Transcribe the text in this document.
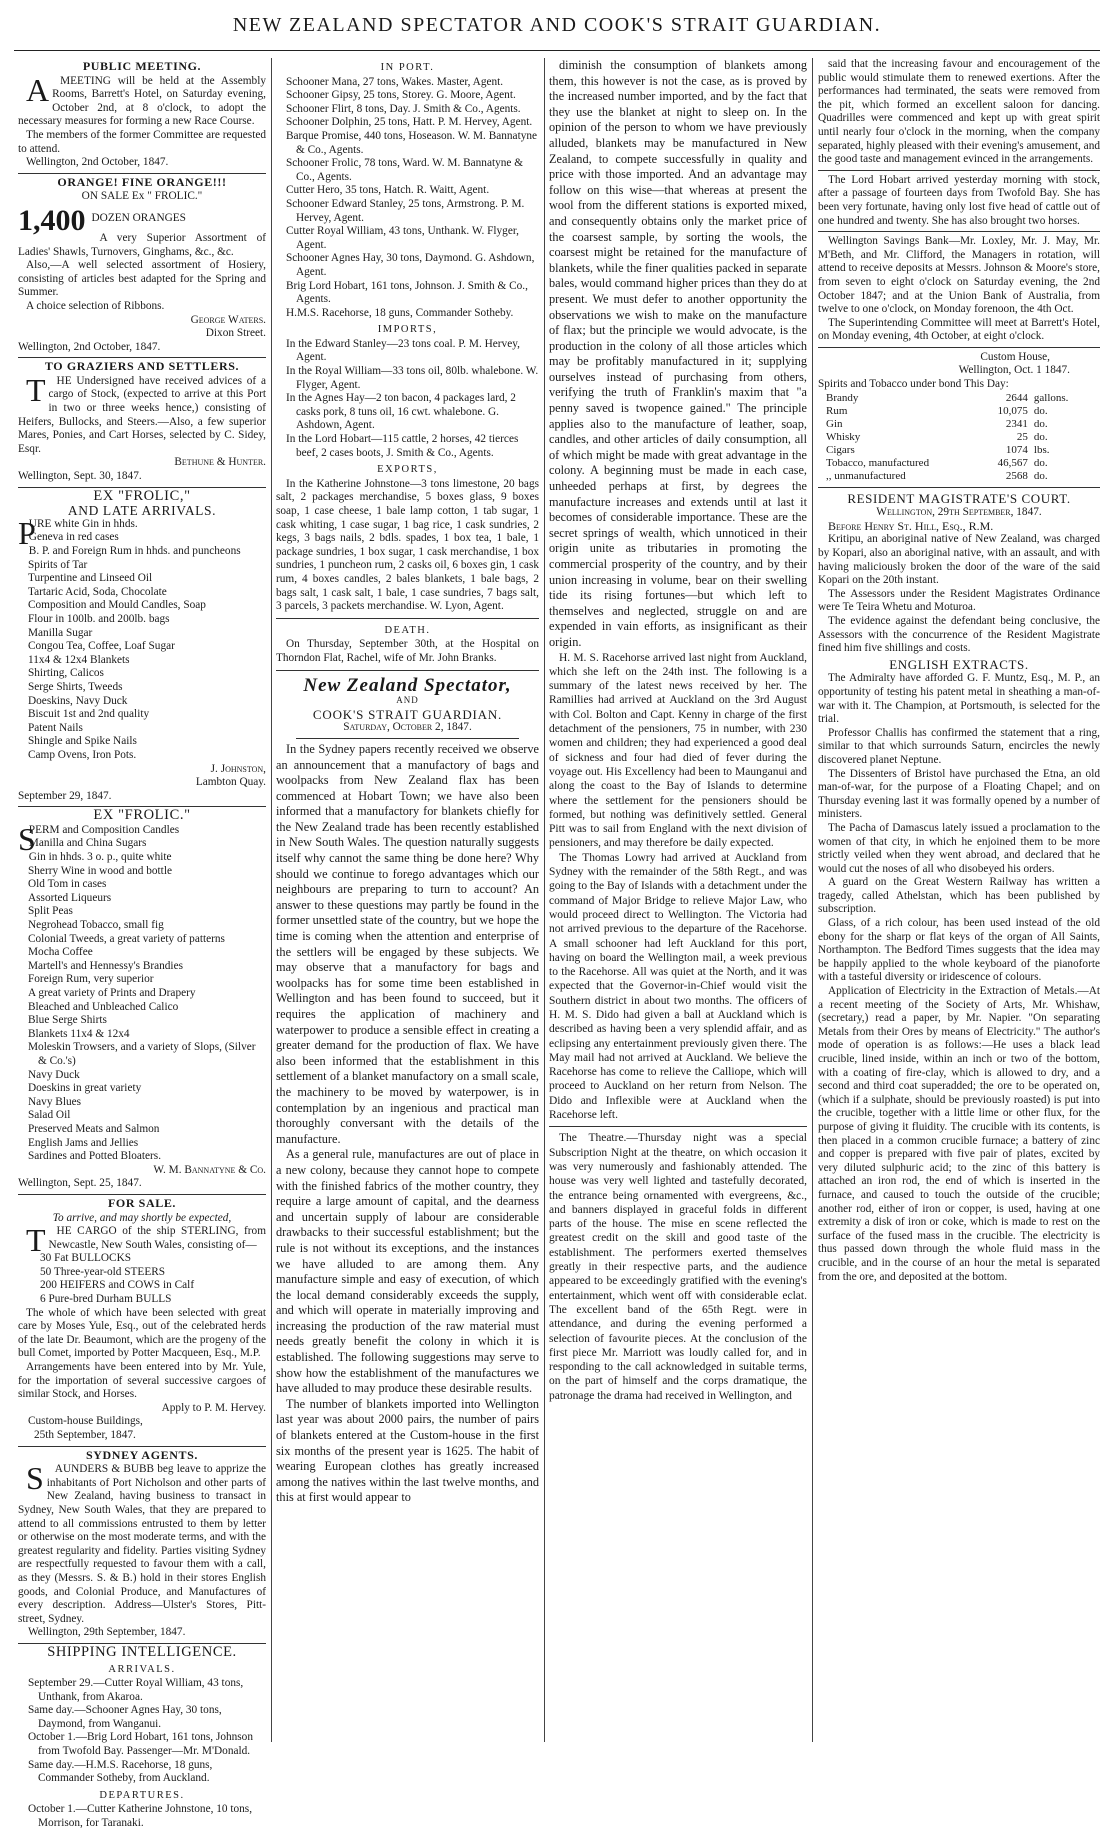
NEW ZEALAND SPECTATOR AND COOK'S STRAIT GUARDIAN.
PUBLIC MEETING.

AMEETING will be held at the Assembly Rooms, Barrett's Hotel, on Saturday evening, October 2nd, at 8 o'clock, to adopt the necessary measures for forming a new Race Course.

The members of the former Committee are requested to attend.

Wellington, 2nd October, 1847.

ORANGE! FINE ORANGE!!!
ON SALE Ex " FROLIC."
1,400 DOZEN ORANGES

A very Superior Assortment of Ladies' Shawls, Turnovers, Ginghams, &c., &c.

Also,—A well selected assortment of Hosiery, consisting of articles best adapted for the Spring and Summer.

A choice selection of Ribbons.

George Waters.
Dixon Street.
Wellington, 2nd October, 1847.
TO GRAZIERS AND SETTLERS.

THE Undersigned have received advices of a cargo of Stock, (expected to arrive at this Port in two or three weeks hence,) consisting of Heifers, Bullocks, and Steers.—Also, a few superior Mares, Ponies, and Cart Horses, selected by C. Sidey, Esqr.

Bethune & Hunter.
Wellington, Sept. 30, 1847.
EX "FROLIC,"
AND LATE ARRIVALS.
P
URE white Gin in hhds.
Geneva in red cases
B. P. and Foreign Rum in hhds. and puncheons
Spirits of Tar
Turpentine and Linseed Oil
Tartaric Acid, Soda, Chocolate
Composition and Mould Candles, Soap
Flour in 100lb. and 200lb. bags
Manilla Sugar
Congou Tea, Coffee, Loaf Sugar
11x4 & 12x4 Blankets
Shirting, Calicos
Serge Shirts, Tweeds
Doeskins, Navy Duck
Biscuit 1st and 2nd quality
Patent Nails
Shingle and Spike Nails
Camp Ovens, Iron Pots.
J. Johnston,
Lambton Quay.
September 29, 1847.
EX "FROLIC."
S
PERM and Composition Candles
Manilla and China Sugars
Gin in hhds. 3 o. p., quite white
Sherry Wine in wood and bottle
Old Tom in cases
Assorted Liqueurs
Split Peas
Negrohead Tobacco, small fig
Colonial Tweeds, a great variety of patterns
Mocha Coffee
Martell's and Hennessy's Brandies
Foreign Rum, very superior
A great variety of Prints and Drapery
Bleached and Unbleached Calico
Blue Serge Shirts
Blankets 11x4 & 12x4
Moleskin Trowsers, and a variety of Slops, (Silver & Co.'s)
Navy Duck
Doeskins in great variety
Navy Blues
Salad Oil
Preserved Meats and Salmon
English Jams and Jellies
Sardines and Potted Bloaters.
W. M. Bannatyne & Co.
Wellington, Sept. 25, 1847.
FOR SALE.
To arrive, and may shortly be expected,

THE CARGO of the ship STERLING, from Newcastle, New South Wales, consisting of—

30 Fat BULLOCKS
50 Three-year-old STEERS
200 HEIFERS and COWS in Calf
6 Pure-bred Durham BULLS

The whole of which have been selected with great care by Moses Yule, Esq., out of the celebrated herds of the late Dr. Beaumont, which are the progeny of the bull Comet, imported by Potter Macqueen, Esq., M.P.

Arrangements have been entered into by Mr. Yule, for the importation of several successive cargoes of similar Stock, and Horses.

Apply to P. M. Hervey.
Custom-house Buildings,
25th September, 1847.
SYDNEY AGENTS.

SAUNDERS & BUBB beg leave to apprize the inhabitants of Port Nicholson and other parts of New Zealand, having business to transact in Sydney, New South Wales, that they are prepared to attend to all commissions entrusted to them by letter or otherwise on the most moderate terms, and with the greatest regularity and fidelity. Parties visiting Sydney are respectfully requested to favour them with a call, as they (Messrs. S. & B.) hold in their stores English goods, and Colonial Produce, and Manufactures of every description. Address—Ulster's Stores, Pitt-street, Sydney.

Wellington, 29th September, 1847.
SHIPPING INTELLIGENCE.
ARRIVALS.
September 29.—Cutter Royal William, 43 tons, Unthank, from Akaroa.
Same day.—Schooner Agnes Hay, 30 tons, Daymond, from Wanganui.
October 1.—Brig Lord Hobart, 161 tons, Johnson from Twofold Bay. Passenger—Mr. M'Donald.
Same day.—H.M.S. Racehorse, 18 guns, Commander Sotheby, from Auckland.
DEPARTURES.
October 1.—Cutter Katherine Johnstone, 10 tons, Morrison, for Taranaki.
IN PORT.
Schooner Mana, 27 tons, Wakes. Master, Agent.
Schooner Gipsy, 25 tons, Storey. G. Moore, Agent.
Schooner Flirt, 8 tons, Day. J. Smith & Co., Agents.
Schooner Dolphin, 25 tons, Hatt. P. M. Hervey, Agent.
Barque Promise, 440 tons, Hoseason. W. M. Bannatyne & Co., Agents.
Schooner Frolic, 78 tons, Ward. W. M. Bannatyne & Co., Agents.
Cutter Hero, 35 tons, Hatch. R. Waitt, Agent.
Schooner Edward Stanley, 25 tons, Armstrong. P. M. Hervey, Agent.
Cutter Royal William, 43 tons, Unthank. W. Flyger, Agent.
Schooner Agnes Hay, 30 tons, Daymond. G. Ashdown, Agent.
Brig Lord Hobart, 161 tons, Johnson. J. Smith & Co., Agents.
H.M.S. Racehorse, 18 guns, Commander Sotheby.
IMPORTS,
In the Edward Stanley—23 tons coal. P. M. Hervey, Agent.
In the Royal William—33 tons oil, 80lb. whalebone. W. Flyger, Agent.
In the Agnes Hay—2 ton bacon, 4 packages lard, 2 casks pork, 8 tuns oil, 16 cwt. whalebone. G. Ashdown, Agent.
In the Lord Hobart—115 cattle, 2 horses, 42 tierces beef, 2 cases boots, J. Smith & Co., Agents.
EXPORTS,

In the Katherine Johnstone—3 tons limestone, 20 bags salt, 2 packages merchandise, 5 boxes glass, 9 boxes soap, 1 case cheese, 1 bale lamp cotton, 1 tab sugar, 1 cask whiting, 1 case sugar, 1 bag rice, 1 cask sundries, 2 kegs, 3 bags nails, 2 bdls. spades, 1 box tea, 1 bale, 1 package sundries, 1 box sugar, 1 cask merchandise, 1 box sundries, 1 puncheon rum, 2 casks oil, 6 boxes gin, 1 cask rum, 4 boxes candles, 2 bales blankets, 1 bale bags, 2 bags salt, 1 cask salt, 1 bale, 1 case sundries, 7 bags salt, 3 parcels, 3 packets merchandise. W. Lyon, Agent.

DEATH.

On Thursday, September 30th, at the Hospital on Thorndon Flat, Rachel, wife of Mr. John Branks.

New Zealand Spectator,
AND
COOK'S STRAIT GUARDIAN.
Saturday, October 2, 1847.

In the Sydney papers recently received we observe an announcement that a manufactory of bags and woolpacks from New Zealand flax has been commenced at Hobart Town; we have also been informed that a manufactory for blankets chiefly for the New Zealand trade has been recently established in New South Wales. The question naturally suggests itself why cannot the same thing be done here? Why should we continue to forego advantages which our neighbours are preparing to turn to account? An answer to these questions may partly be found in the former unsettled state of the country, but we hope the time is coming when the attention and enterprise of the settlers will be engaged by these subjects. We may observe that a manufactory for bags and woolpacks has for some time been established in Wellington and has been found to succeed, but it requires the application of machinery and waterpower to produce a sensible effect in creating a greater demand for the production of flax. We have also been informed that the establishment in this settlement of a blanket manufactory on a small scale, the machinery to be moved by waterpower, is in contemplation by an ingenious and practical man thoroughly conversant with the details of the manufacture.

As a general rule, manufactures are out of place in a new colony, because they cannot hope to compete with the finished fabrics of the mother country, they require a large amount of capital, and the dearness and uncertain supply of labour are considerable drawbacks to their successful establishment; but the rule is not without its exceptions, and the instances we have alluded to are among them. Any manufacture simple and easy of execution, of which the local demand considerably exceeds the supply, and which will operate in materially improving and increasing the production of the raw material must needs greatly benefit the colony in which it is established. The following suggestions may serve to show how the establishment of the manufactures we have alluded to may produce these desirable results.

The number of blankets imported into Wellington last year was about 2000 pairs, the number of pairs of blankets entered at the Custom-house in the first six months of the present year is 1625. The habit of wearing European clothes has greatly increased among the natives within the last twelve months, and this at first would appear to

diminish the consumption of blankets among them, this however is not the case, as is proved by the increased number imported, and by the fact that they use the blanket at night to sleep on. In the opinion of the person to whom we have previously alluded, blankets may be manufactured in New Zealand, to compete successfully in quality and price with those imported. And an advantage may follow on this wise—that whereas at present the wool from the different stations is exported mixed, and consequently obtains only the market price of the coarsest sample, by sorting the wools, the coarsest might be retained for the manufacture of blankets, while the finer qualities packed in separate bales, would command higher prices than they do at present. We must defer to another opportunity the observations we wish to make on the manufacture of flax; but the principle we would advocate, is the production in the colony of all those articles which may be profitably manufactured in it; supplying ourselves instead of purchasing from others, verifying the truth of Franklin's maxim that "a penny saved is twopence gained." The principle applies also to the manufacture of leather, soap, candles, and other articles of daily consumption, all of which might be made with great advantage in the colony. A beginning must be made in each case, unheeded perhaps at first, by degrees the manufacture increases and extends until at last it becomes of considerable importance. These are the secret springs of wealth, which unnoticed in their origin unite as tributaries in promoting the commercial prosperity of the country, and by their union increasing in volume, bear on their swelling tide its rising fortunes—but which left to themselves and neglected, struggle on and are expended in vain efforts, as insignificant as their origin.

H. M. S. Racehorse arrived last night from Auckland, which she left on the 24th inst. The following is a summary of the latest news received by her. The Ramillies had arrived at Auckland on the 3rd August with Col. Bolton and Capt. Kenny in charge of the first detachment of the pensioners, 75 in number, with 230 women and children; they had experienced a good deal of sickness and four had died of fever during the voyage out. His Excellency had been to Maunganui and along the coast to the Bay of Islands to determine where the settlement for the pensioners should be formed, but nothing was definitively settled. General Pitt was to sail from England with the next division of pensioners, and may therefore be daily expected.

The Thomas Lowry had arrived at Auckland from Sydney with the remainder of the 58th Regt., and was going to the Bay of Islands with a detachment under the command of Major Bridge to relieve Major Law, who would proceed direct to Wellington. The Victoria had not arrived previous to the departure of the Racehorse. A small schooner had left Auckland for this port, having on board the Wellington mail, a week previous to the Racehorse. All was quiet at the North, and it was expected that the Governor-in-Chief would visit the Southern district in about two months. The officers of H. M. S. Dido had given a ball at Auckland which is described as having been a very splendid affair, and as eclipsing any entertainment previously given there. The May mail had not arrived at Auckland. We believe the Racehorse has come to relieve the Calliope, which will proceed to Auckland on her return from Nelson. The Dido and Inflexible were at Auckland when the Racehorse left.

The Theatre.—Thursday night was a special Subscription Night at the theatre, on which occasion it was very numerously and fashionably attended. The house was very well lighted and tastefully decorated, the entrance being ornamented with evergreens, &c., and banners displayed in graceful folds in different parts of the house. The mise en scene reflected the greatest credit on the skill and good taste of the establishment. The performers exerted themselves greatly in their respective parts, and the audience appeared to be exceedingly gratified with the evening's entertainment, which went off with considerable eclat. The excellent band of the 65th Regt. were in attendance, and during the evening performed a selection of favourite pieces. At the conclusion of the first piece Mr. Marriott was loudly called for, and in responding to the call acknowledged in suitable terms, on the part of himself and the corps dramatique, the patronage the drama had received in Wellington, and

said that the increasing favour and encouragement of the public would stimulate them to renewed exertions. After the performances had terminated, the seats were removed from the pit, which formed an excellent saloon for dancing. Quadrilles were commenced and kept up with great spirit until nearly four o'clock in the morning, when the company separated, highly pleased with their evening's amusement, and the good taste and management evinced in the arrangements.

The Lord Hobart arrived yesterday morning with stock, after a passage of fourteen days from Twofold Bay. She has been very fortunate, having only lost five head of cattle out of one hundred and twenty. She has also brought two horses.

Wellington Savings Bank—Mr. Loxley, Mr. J. May, Mr. M'Beth, and Mr. Clifford, the Managers in rotation, will attend to receive deposits at Messrs. Johnson & Moore's store, from seven to eight o'clock on Saturday evening, the 2nd October 1847; and at the Union Bank of Australia, from twelve to one o'clock, on Monday forenoon, the 4th Oct.

The Superintending Committee will meet at Barrett's Hotel, on Monday evening, 4th October, at eight o'clock.

Custom House,
Wellington, Oct. 1 1847.
Spirits and Tobacco under bond This Day:
Brandy	2644	gallons.
Rum	10,075	do.
Gin	2341	do.
Whisky	25	do.
Cigars	1074	lbs.
Tobacco, manufactured	46,567	do.
,, unmanufactured	2568	do.
RESIDENT MAGISTRATE'S COURT.
Wellington, 29th September, 1847.
Before Henry St. Hill, Esq., R.M.

Kritipu, an aboriginal native of New Zealand, was charged by Kopari, also an aboriginal native, with an assault, and with having maliciously broken the door of the ware of the said Kopari on the 20th instant.

The Assessors under the Resident Magistrates Ordinance were Te Teira Whetu and Moturoa.

The evidence against the defendant being conclusive, the Assessors with the concurrence of the Resident Magistrate fined him five shillings and costs.

ENGLISH EXTRACTS.

The Admiralty have afforded G. F. Muntz, Esq., M. P., an opportunity of testing his patent metal in sheathing a man-of-war with it. The Champion, at Portsmouth, is selected for the trial.

Professor Challis has confirmed the statement that a ring, similar to that which surrounds Saturn, encircles the newly discovered planet Neptune.

The Dissenters of Bristol have purchased the Etna, an old man-of-war, for the purpose of a Floating Chapel; and on Thursday evening last it was formally opened by a number of ministers.

The Pacha of Damascus lately issued a proclamation to the women of that city, in which he enjoined them to be more strictly veiled when they went abroad, and declared that he would cut the noses of all who disobeyed his orders.

A guard on the Great Western Railway has written a tragedy, called Athelstan, which has been published by subscription.

Glass, of a rich colour, has been used instead of the old ebony for the sharp or flat keys of the organ of All Saints, Northampton. The Bedford Times suggests that the idea may be happily applied to the whole keyboard of the pianoforte with a tasteful diversity or iridescence of colours.

Application of Electricity in the Extraction of Metals.—At a recent meeting of the Society of Arts, Mr. Whishaw, (secretary,) read a paper, by Mr. Napier. "On separating Metals from their Ores by means of Electricity." The author's mode of operation is as follows:—He uses a black lead crucible, lined inside, within an inch or two of the bottom, with a coating of fire-clay, which is allowed to dry, and a second and third coat superadded; the ore to be operated on, (which if a sulphate, should be previously roasted) is put into the crucible, together with a little lime or other flux, for the purpose of giving it fluidity. The crucible with its contents, is then placed in a common crucible furnace; a battery of zinc and copper is prepared with five pair of plates, excited by very diluted sulphuric acid; to the zinc of this battery is attached an iron rod, the end of which is inserted in the furnace, and caused to touch the outside of the crucible; another rod, either of iron or copper, is used, having at one extremity a disk of iron or coke, which is made to rest on the surface of the fused mass in the crucible. The electricity is thus passed down through the whole fluid mass in the crucible, and in the course of an hour the metal is separated from the ore, and deposited at the bottom.
